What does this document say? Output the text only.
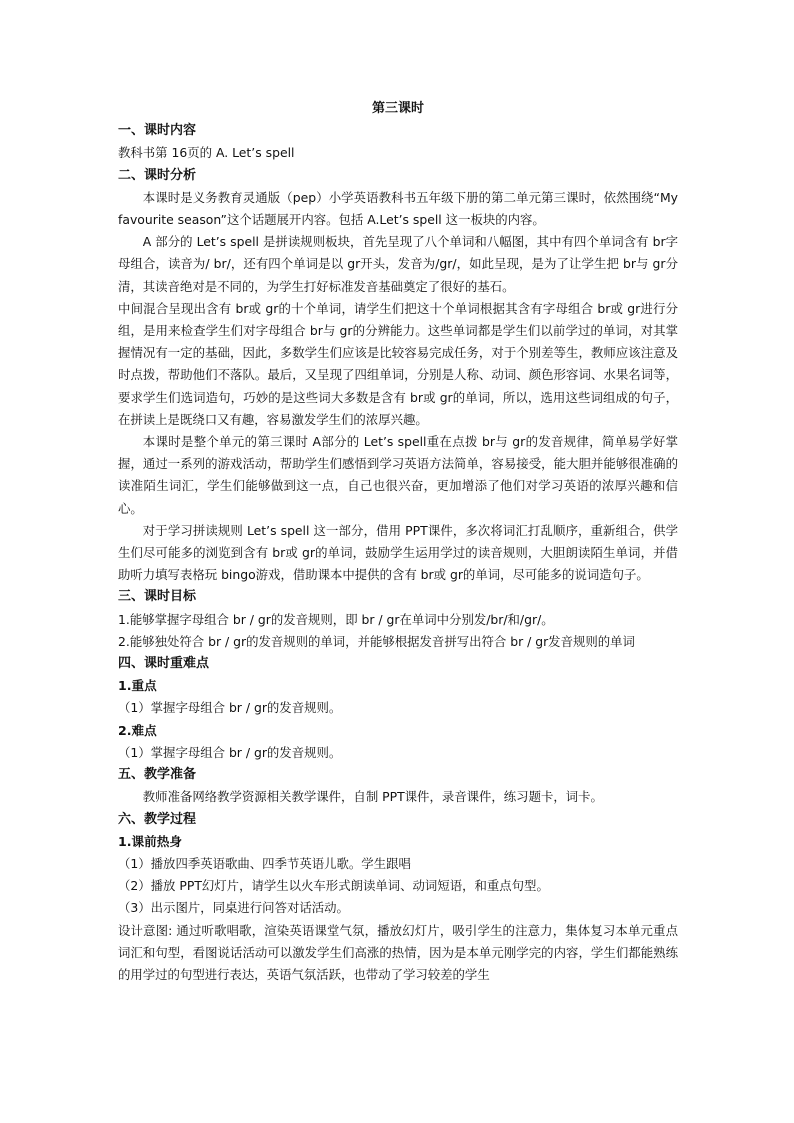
第三课时
一、课时内容
教科书第 16页的 A. Let’s spell
二、课时分析
本课时是义务教育灵通版（pep）小学英语教科书五年级下册的第二单元第三课时，依然围绕“My favourite season”这个话题展开内容。包括 A.Let’s spell 这一板块的内容。
A 部分的 Let’s spell 是拼读规则板块，首先呈现了八个单词和八幅图，其中有四个单词含有 br字母组合，读音为/ br/，还有四个单词是以 gr开头，发音为/gr/，如此呈现，是为了让学生把 br与 gr分清，其读音绝对是不同的，为学生打好标准发音基础奠定了很好的基石。
中间混合呈现出含有 br或 gr的十个单词，请学生们把这十个单词根据其含有字母组合 br或 gr进行分组，是用来检查学生们对字母组合 br与 gr的分辨能力。这些单词都是学生们以前学过的单词，对其掌握情况有一定的基础，因此，多数学生们应该是比较容易完成任务，对于个别差等生，教师应该注意及时点拨，帮助他们不落队。最后，又呈现了四组单词，分别是人称、动词、颜色形容词、水果名词等，要求学生们选词造句，巧妙的是这些词大多数是含有 br或 gr的单词，所以，选用这些词组成的句子，在拼读上是既绕口又有趣，容易激发学生们的浓厚兴趣。
本课时是整个单元的第三课时 A部分的 Let’s spell重在点拨 br与 gr的发音规律，简单易学好掌握，通过一系列的游戏活动，帮助学生们感悟到学习英语方法简单，容易接受，能大胆并能够很准确的读准陌生词汇，学生们能够做到这一点，自己也很兴奋，更加增添了他们对学习英语的浓厚兴趣和信心。
对于学习拼读规则 Let’s spell 这一部分，借用 PPT课件，多次将词汇打乱顺序，重新组合，供学生们尽可能多的浏览到含有 br或 gr的单词，鼓励学生运用学过的读音规则，大胆朗读陌生单词，并借助听力填写表格玩 bingo游戏，借助课本中提供的含有 br或 gr的单词，尽可能多的说词造句子。
三、课时目标
1.能够掌握字母组合 br / gr的发音规则，即 br / gr在单词中分别发/br/和/gr/。
2.能够独处符合 br / gr的发音规则的单词，并能够根据发音拼写出符合 br / gr发音规则的单词
四、课时重难点
1.重点
（1）掌握字母组合 br / gr的发音规则。
2.难点
（1）掌握字母组合 br / gr的发音规则。
五、教学准备
教师准备网络教学资源相关教学课件，自制 PPT课件，录音课件，练习题卡，词卡。
六、教学过程
1.课前热身
（1）播放四季英语歌曲、四季节英语儿歌。学生跟唱
（2）播放 PPT幻灯片，请学生以火车形式朗读单词、动词短语，和重点句型。
（3）出示图片，同桌进行问答对话活动。
设计意图: 通过听歌唱歌，渲染英语课堂气氛，播放幻灯片，吸引学生的注意力，集体复习本单元重点词汇和句型，看图说话活动可以激发学生们高涨的热情，因为是本单元刚学完的内容，学生们都能熟练的用学过的句型进行表达，英语气氛活跃，也带动了学习较差的学生
